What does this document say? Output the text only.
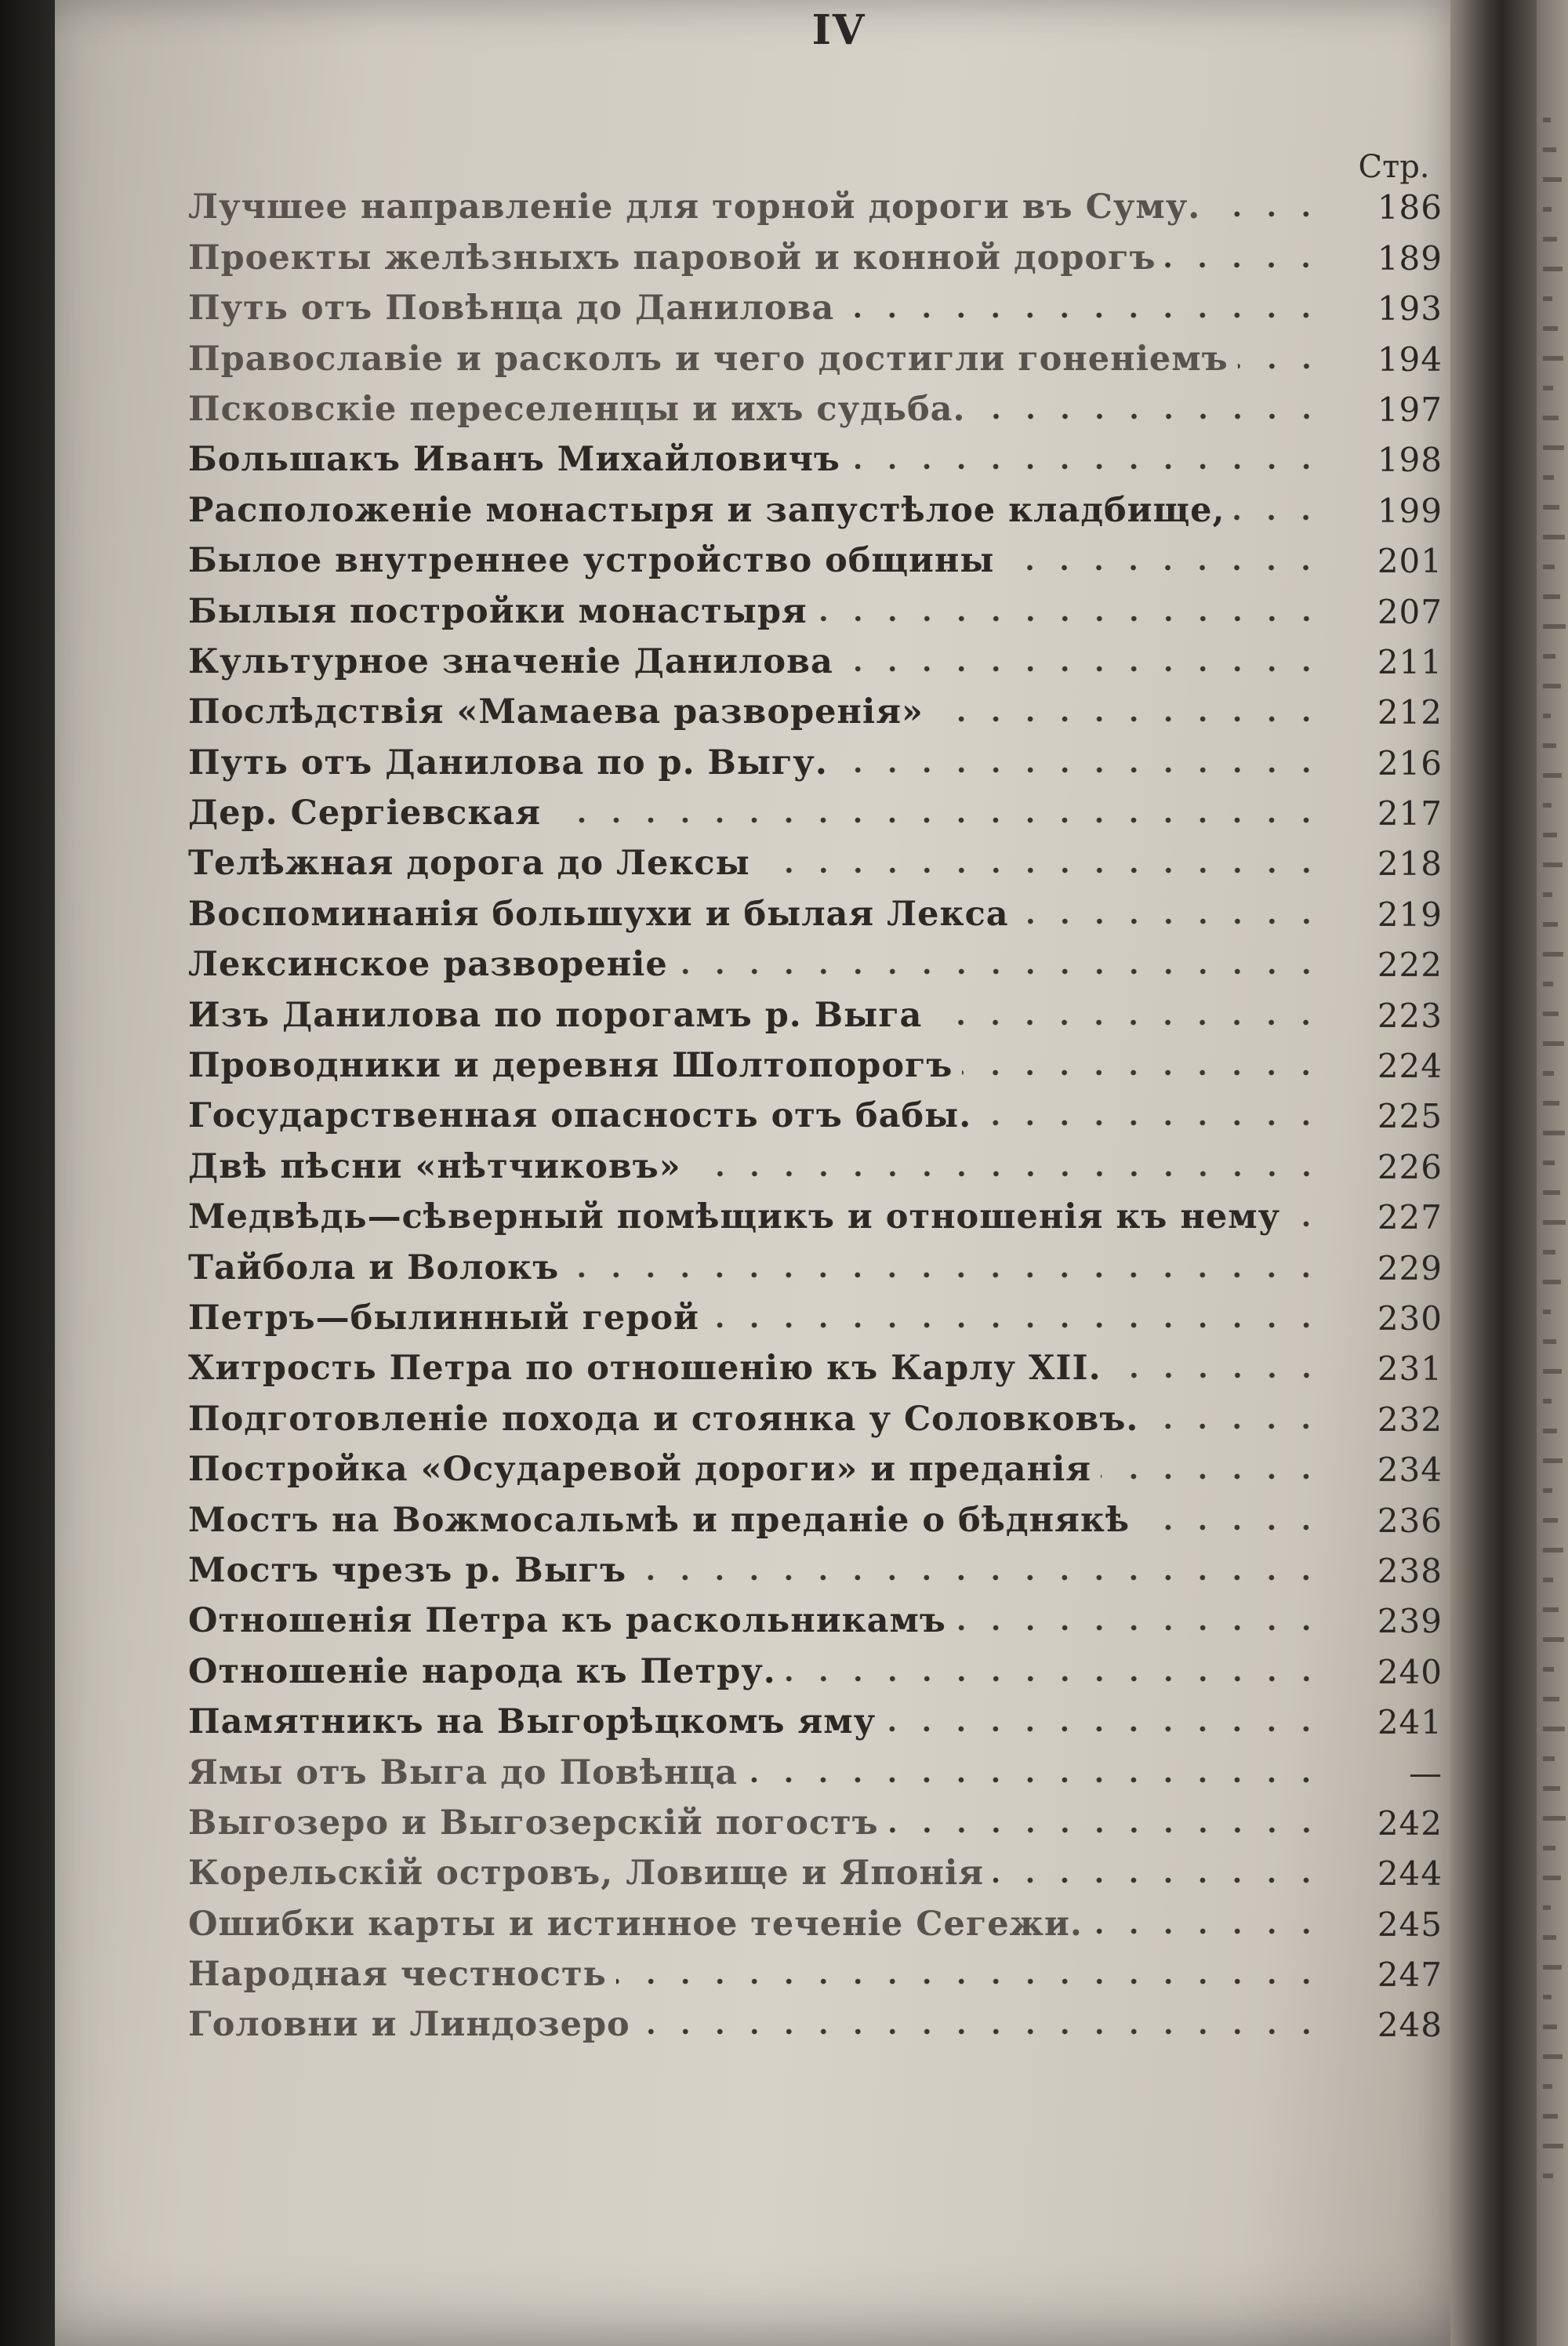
IV
Стр.
Лучшее направленіе для торной дороги въ Суму.	186
Проекты желѣзныхъ паровой и конной дорогъ	189
Путь отъ Повѣнца до Данилова	193
Православіе и расколъ и чего достигли гоненіемъ	194
Псковскіе переселенцы и ихъ судьба.	197
Большакъ Иванъ Михайловичъ	198
Расположеніе монастыря и запустѣлое кладбище,	199
Былое внутреннее устройство общины	201
Былыя постройки монастыря	207
Культурное значеніе Данилова	211
Послѣдствія «Мамаева разворенія»	212
Путь отъ Данилова по р. Выгу.	216
Дер. Сергіевская	217
Телѣжная дорога до Лексы	218
Воспоминанія большухи и былая Лекса	219
Лексинское развореніе	222
Изъ Данилова по порогамъ р. Выга	223
Проводники и деревня Шолтопорогъ	224
Государственная опасность отъ бабы.	225
Двѣ пѣсни «нѣтчиковъ»	226
Медвѣдь—сѣверный помѣщикъ и отношенія къ нему	227
Тайбола и Волокъ	229
Петръ—былинный герой	230
Хитрость Петра по отношенію къ Карлу XII.	231
Подготовленіе похода и стоянка у Соловковъ.	232
Постройка «Осударевой дороги» и преданія	234
Мостъ на Вожмосальмѣ и преданіе о бѣднякѣ	236
Мостъ чрезъ р. Выгъ	238
Отношенія Петра къ раскольникамъ	239
Отношеніе народа къ Петру.	240
Памятникъ на Выгорѣцкомъ яму	241
Ямы отъ Выга до Повѣнца	—
Выгозеро и Выгозерскій погостъ	242
Корельскій островъ, Ловище и Японія	244
Ошибки карты и истинное теченіе Сегежи.	245
Народная честность	247
Головни и Линдозеро	248
